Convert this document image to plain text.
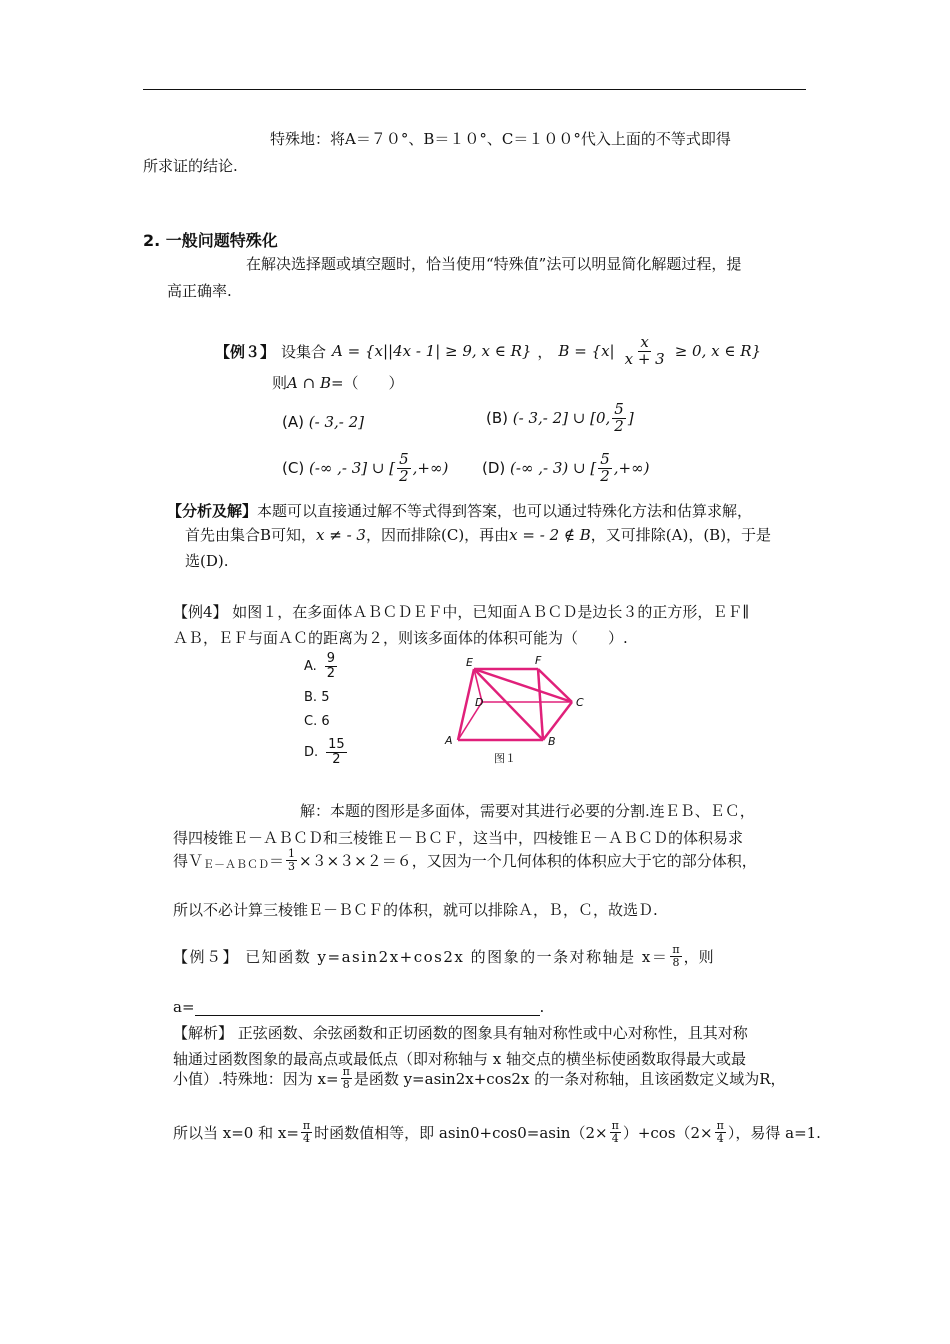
特殊地：将A＝７０°、B＝１０°、C＝１００°代入上面的不等式即得
所求证的结论.
2. 一般问题特殊化
在解决选择题或填空题时，恰当使用“特殊值”法可以明显简化解题过程，提
高正确率.
【例３】 设集合 A = {x||4x - 1| ≥ 9, x ∈ R} ， $B = \{x| \frac{x}{x + 3} \ge 0$, x ∈ R}
则A ∩ B=（　　）
(A) (- 3,- 2]	(B)
(- 3,- 2] ∪ [0, $\frac{5}{2}$ ]
(C)
(-∞ ,- 3] ∪ [ $\frac{5}{2}$ ,+∞) (D)
(-∞ ,- 3) ∪ [ $\frac{5}{2}$ ,+∞)
【分析及解】本题可以直接通过解不等式得到答案，也可以通过特殊化方法和估算求解，
首先由集合B可知，x ≠ - 3，因而排除(C)，再由x = - 2 ∉ B，又可排除(A)，(B)，于是
选(D).
【例4】 如图１，在多面体ＡＢＣＤＥＦ中，已知面ＡＢＣＤ是边长３的正方形，ＥＦ∥
ＡＢ，ＥＦ与面ＡＣ的距离为２，则该多面体的体积可能为（　　）.
A. $\frac{9}{2}$
B. 5
C. 6
D. $\frac{15}{2}$
E	F
D	C
A	B
图１
解：本题的图形是多面体，需要对其进行必要的分割.连ＥＢ、ＥＣ，
得四棱锥Ｅ－ＡＢＣＤ和三棱锥Ｅ－ＢＣＦ，这当中，四棱锥Ｅ－ＡＢＣＤ的体积易求
得Ｖ Ｅ－ＡＢＣＤ ＝ $\frac{1}{3} \times 3\times 3\times 2=6$，又因为一个几何体积的体积应大于它的部分体积，
所以不必计算三棱锥Ｅ－ＢＣＦ的体积，就可以排除Ａ，Ｂ，Ｃ，故选Ｄ.
【例５】 已知函数 y=asin2x+cos2x 的图象的一条对称轴是 $x= \frac{\pi}{8}$ ，则
a=	.
【解析】 正弦函数、余弦函数和正切函数的图象具有轴对称性或中心对称性，且其对称
轴通过函数图象的最高点或最低点（即对称轴与 x 轴交点的横坐标使函数取得最大或最
小值）.特殊地：因为 $x= \frac{\pi}{8}$ 是函数 y=asin2x+cos2x 的一条对称轴，且该函数定义域为R，
所以当 x=0 和 $x= \frac{\pi}{4}$ 时函数值相等，即 $asin0+\cos 0=asin(2\times \frac{\pi}{4} )+\cos(2\times \frac{\pi}{4}$ ），易得 a=1.
